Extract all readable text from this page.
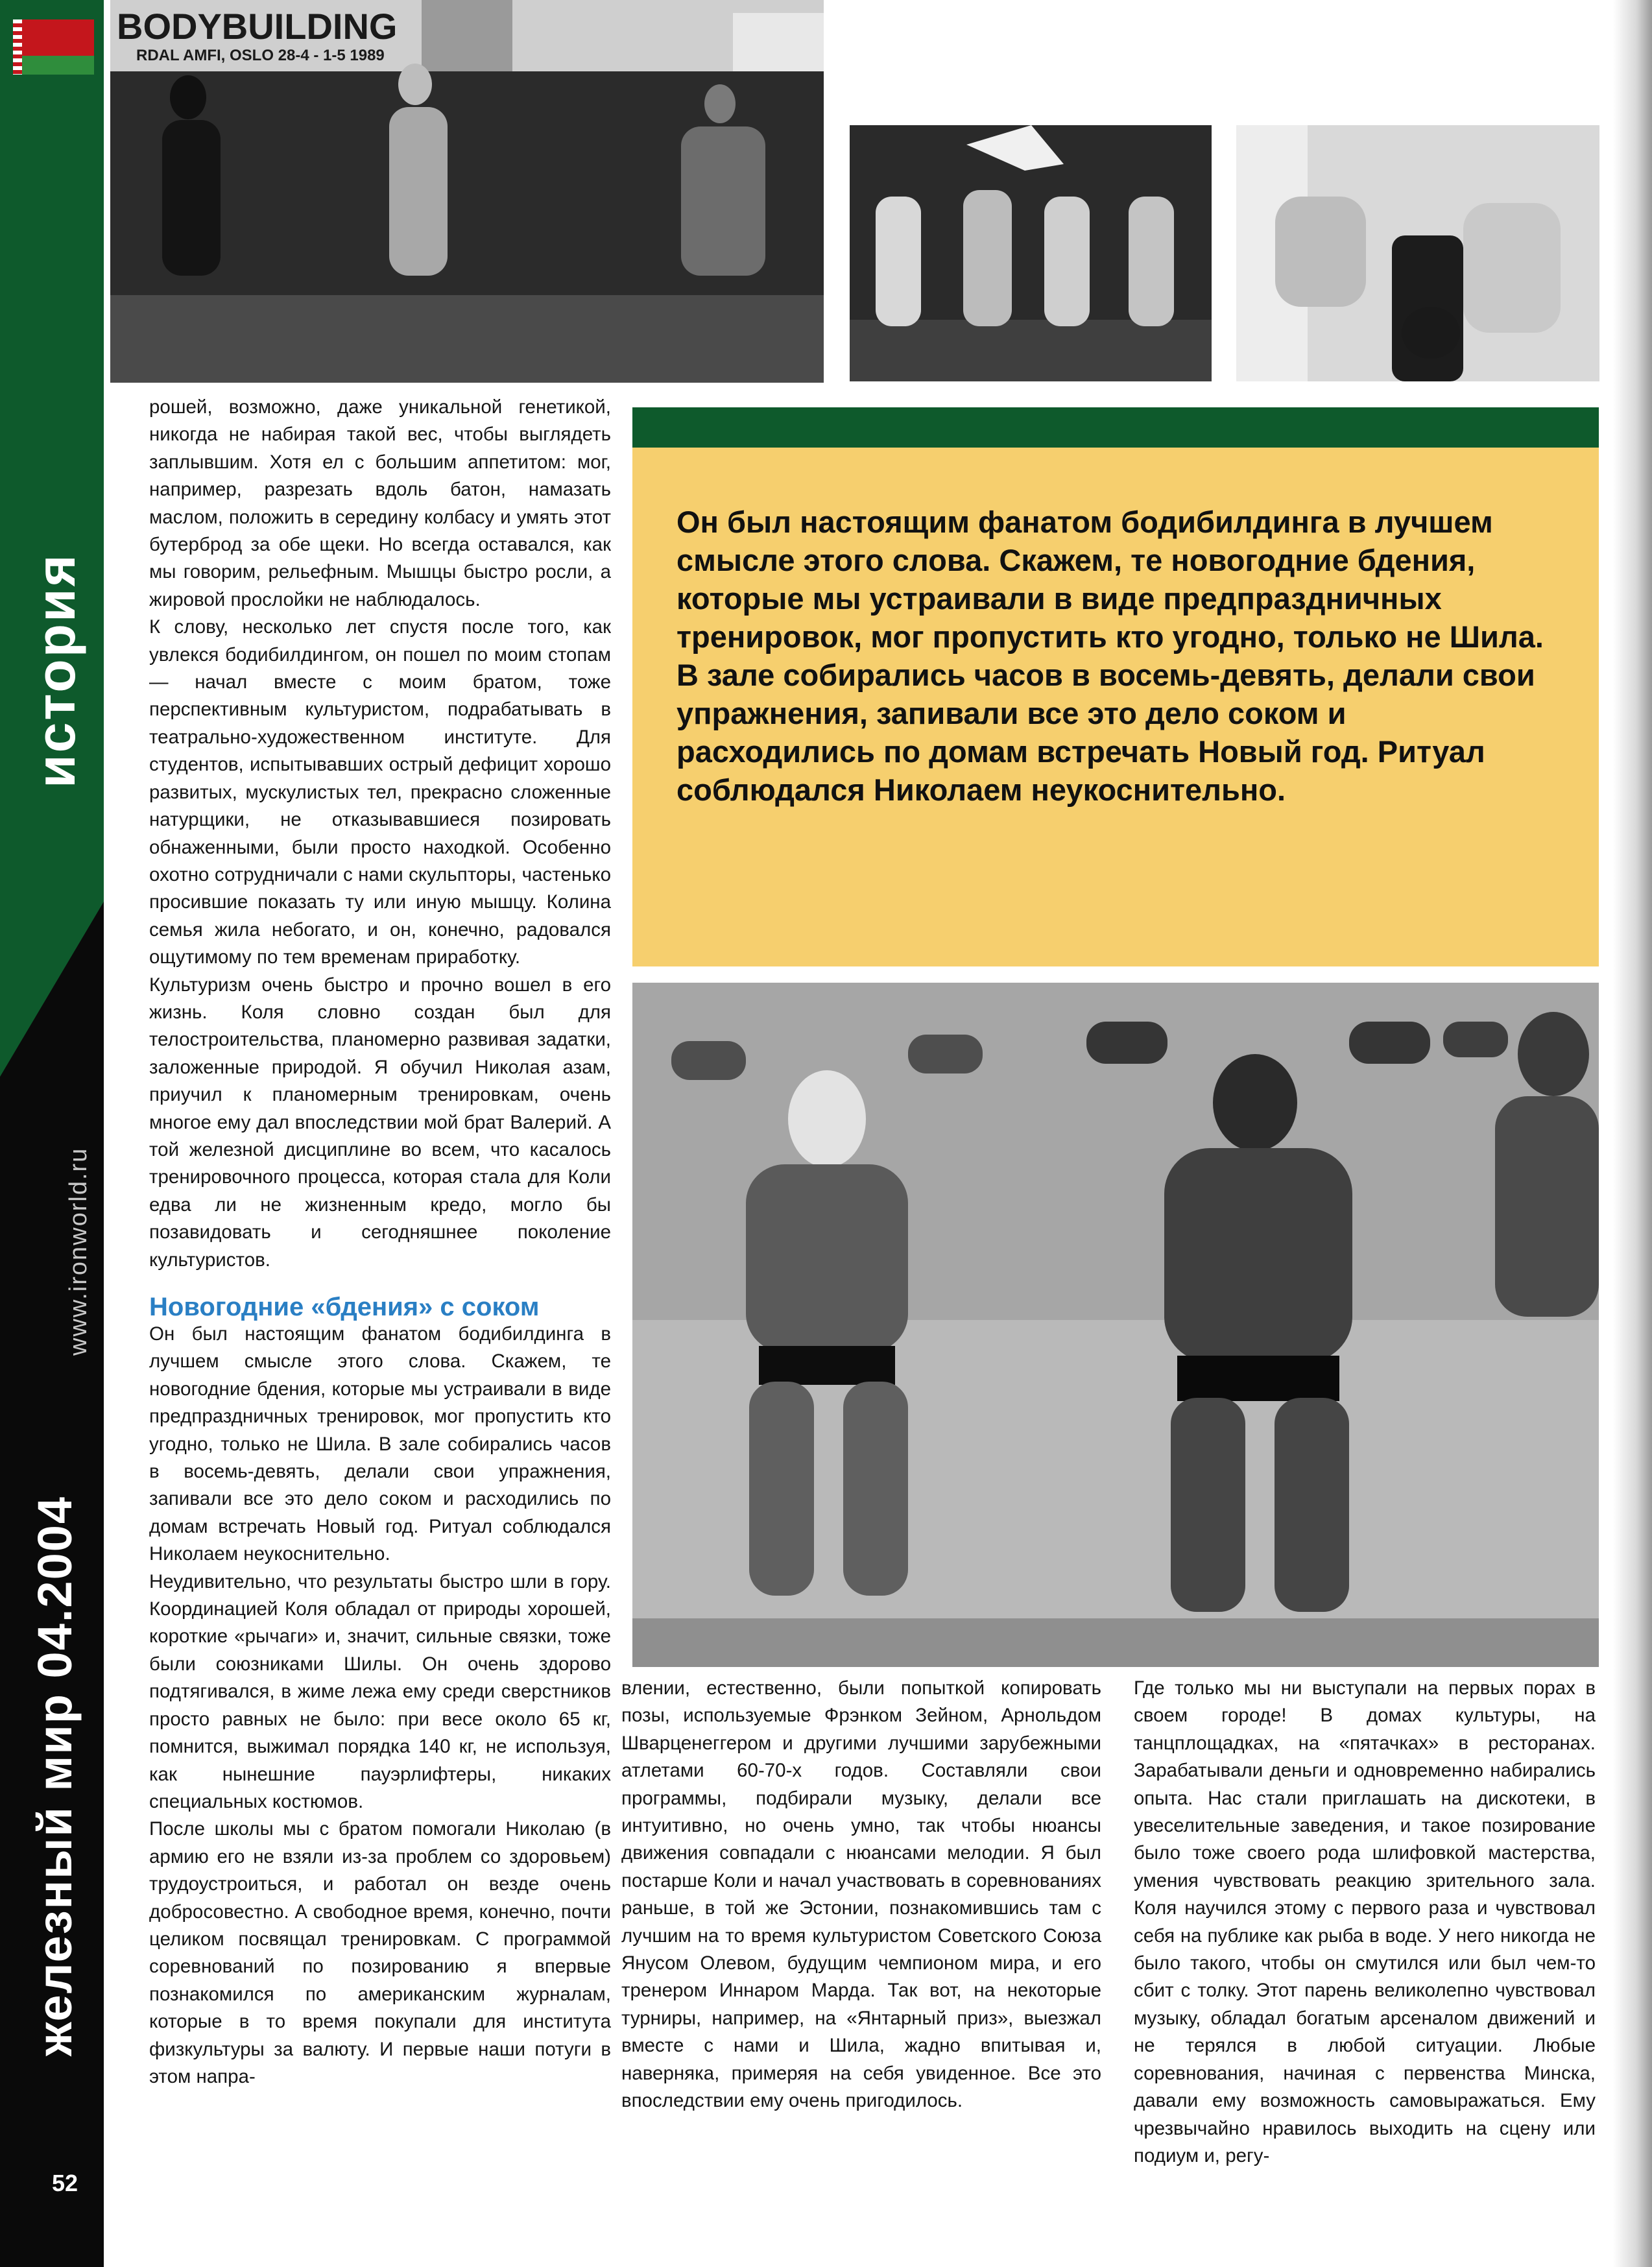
история
www.ironworld.ru
железный мир 04.2004
52
BODYBUILDING
RDAL AMFI, OSLO 28-4 - 1-5 1989

Он был настоящим фанатом бодибилдинга в лучшем смысле этого слова. Скажем, те новогодние бдения, которые мы устраивали в виде предпраздничных тренировок, мог пропустить кто угодно, только не Шила. В зале собирались часов в восемь-девять, делали свои упражнения, запивали все это дело соком и расходились по домам встречать Новый год. Ритуал соблюдался Николаем неукоснительно.

рошей, возможно, даже уникальной генетикой, никогда не набирая такой вес, чтобы выглядеть заплывшим. Хотя ел с большим аппетитом: мог, например, разрезать вдоль батон, намазать маслом, положить в середину колбасу и умять этот бутерброд за обе щеки. Но всегда оставался, как мы говорим, рельефным. Мышцы быстро росли, а жировой прослойки не наблюдалось.

К слову, несколько лет спустя после того, как увлекся бодибилдингом, он пошел по моим стопам — начал вместе с моим братом, тоже перспективным культуристом, подрабатывать в театрально-художественном институте. Для студентов, испытывавших острый дефицит хорошо развитых, мускулистых тел, прекрасно сложенные натурщики, не отказывавшиеся позировать обнаженными, были просто находкой. Особенно охотно сотрудничали с нами скульпторы, частенько просившие показать ту или иную мышцу. Колина семья жила небогато, и он, конечно, радовался ощутимому по тем временам приработку.

Культуризм очень быстро и прочно вошел в его жизнь. Коля словно создан был для телостроительства, планомерно развивая задатки, заложенные природой. Я обучил Николая азам, приучил к планомерным тренировкам, очень многое ему дал впоследствии мой брат Валерий. А той железной дисциплине во всем, что касалось тренировочного процесса, которая стала для Коли едва ли не жизненным кредо, могло бы позавидовать и сегодняшнее поколение культуристов.

Новогодние «бдения» с соком

Он был настоящим фанатом бодибилдинга в лучшем смысле этого слова. Скажем, те новогодние бдения, которые мы устраивали в виде предпраздничных тренировок, мог пропустить кто угодно, только не Шила. В зале собирались часов в восемь-девять, делали свои упражнения, запивали все это дело соком и расходились по домам встречать Новый год. Ритуал соблюдался Николаем неукоснительно.

Неудивительно, что результаты быстро шли в гору. Координацией Коля обладал от природы хорошей, короткие «рычаги» и, значит, сильные связки, тоже были союзниками Шилы. Он очень здорово подтягивался, в жиме лежа ему среди сверстников просто равных не было: при весе около 65 кг, помнится, выжимал порядка 140 кг, не используя, как нынешние пауэрлифтеры, никаких специальных костюмов.

После школы мы с братом помогали Николаю (в армию его не взяли из-за проблем со здоровьем) трудоустроиться, и работал он везде очень добросовестно. А свободное время, конечно, почти целиком посвящал тренировкам. С программой соревнований по позированию я впервые познакомился по американским журналам, которые в то время покупали для института физкультуры за валюту. И первые наши потуги в этом напра-

влении, естественно, были попыткой копировать позы, используемые Фрэнком Зейном, Арнольдом Шварценеггером и другими лучшими зарубежными атлетами 60-70-х годов. Составляли свои программы, подбирали музыку, делали все интуитивно, но очень умно, так чтобы нюансы движения совпадали с нюансами мелодии. Я был постарше Коли и начал участвовать в соревнованиях раньше, в той же Эстонии, познакомившись там с лучшим на то время культуристом Советского Союза Янусом Олевом, будущим чемпионом мира, и его тренером Иннаром Марда. Так вот, на некоторые турниры, например, на «Янтарный приз», выезжал вместе с нами и Шила, жадно впитывая и, наверняка, примеряя на себя увиденное. Все это впоследствии ему очень пригодилось.

Где только мы ни выступали на первых порах в своем городе! В домах культуры, на танцплощадках, на «пятачках» в ресторанах. Зарабатывали деньги и одновременно набирались опыта. Нас стали приглашать на дискотеки, в увеселительные заведения, и такое позирование было тоже своего рода шлифовкой мастерства, умения чувствовать реакцию зрительного зала. Коля научился этому с первого раза и чувствовал себя на публике как рыба в воде. У него никогда не было такого, чтобы он смутился или был чем-то сбит с толку. Этот парень великолепно чувствовал музыку, обладал богатым арсеналом движений и не терялся в любой ситуации. Любые соревнования, начиная с первенства Минска, давали ему возможность самовыражаться. Ему чрезвычайно нравилось выходить на сцену или подиум и, регу-
